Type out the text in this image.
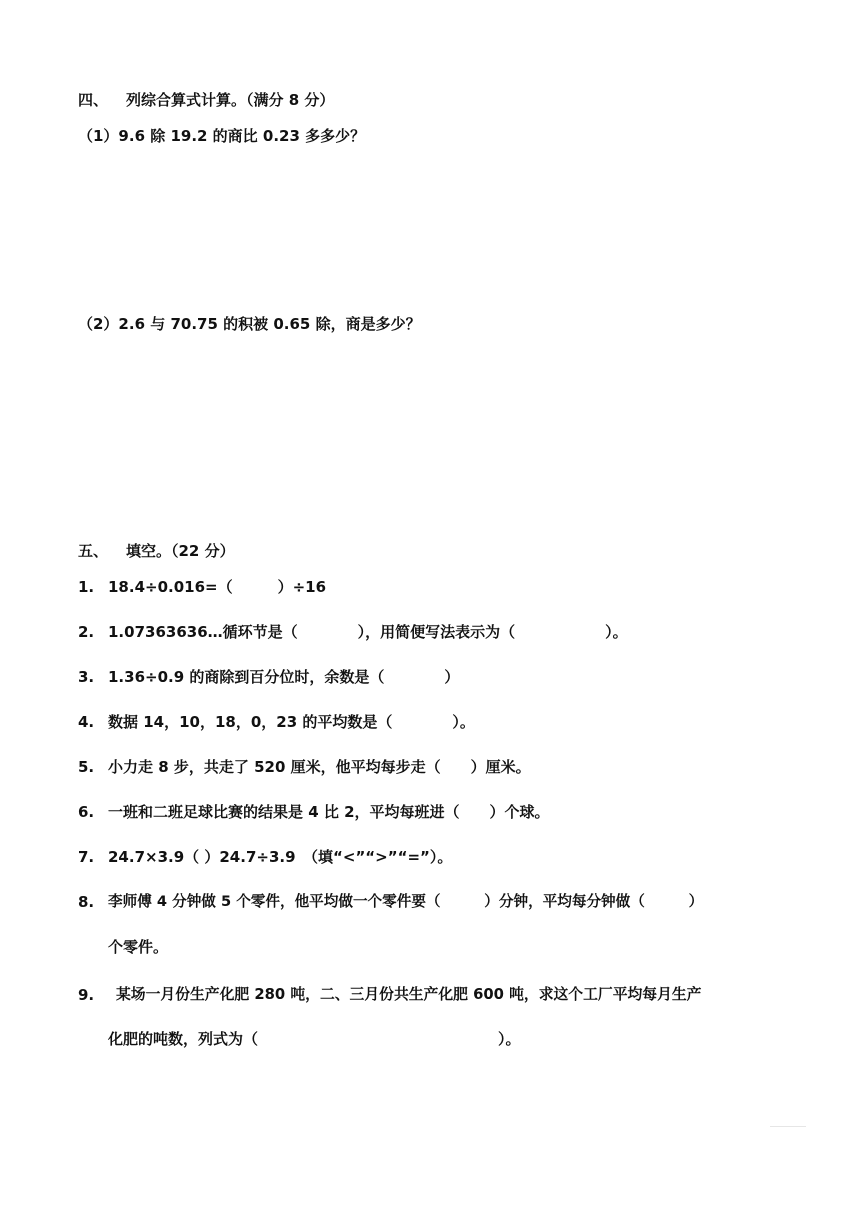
四、 列综合算式计算。（满分 8 分）
（1）9.6 除 19.2 的商比 0.23 多多少？
（2）2.6 与 70.75 的积被 0.65 除，商是多少？
五、 填空。（22 分）
1. 18.4÷0.016=（　　　）÷16
2. 1.07363636…循环节是（　　　　），用简便写法表示为（　　　　　　）。
3. 1.36÷0.9 的商除到百分位时，余数是（　　　　）
4. 数据 14，10，18，0，23 的平均数是（　　　　）。
5. 小力走 8 步，共走了 520 厘米，他平均每步走（　　）厘米。
6. 一班和二班足球比赛的结果是 4 比 2，平均每班进（　　）个球。
7. 24.7×3.9（ ）24.7÷3.9　（填“<”“>”“=”）。
8. 李师傅 4 分钟做 5 个零件，他平均做一个零件要（　　　）分钟，平均每分钟做（　　　）
个零件。
9. 某场一月份生产化肥 280 吨，二、三月份共生产化肥 600 吨，求这个工厂平均每月生产
化肥的吨数，列式为（　　　　　　　　　　　　　　　　）。
